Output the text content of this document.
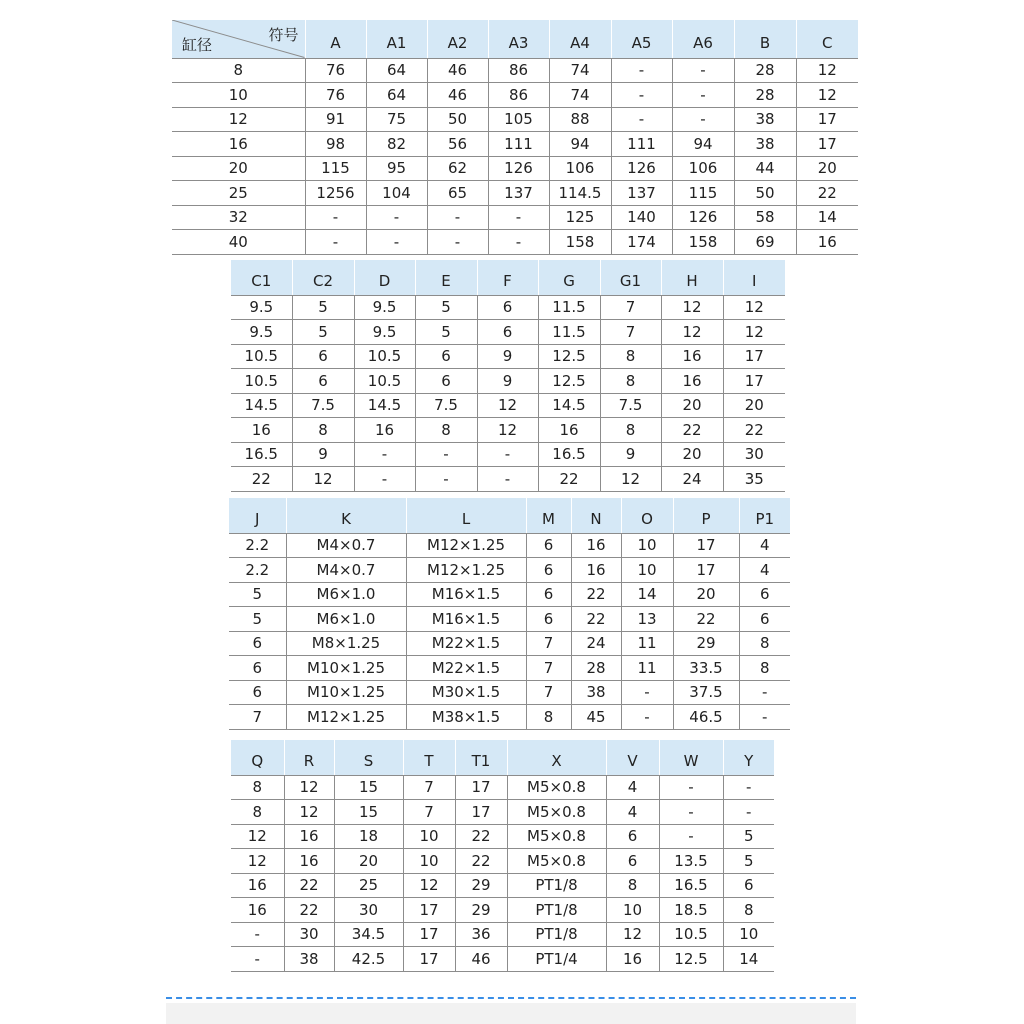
符号
缸径	A	A1	A2	A3	A4	A5	A6	B	C
8	76	64	46	86	74	-	-	28	12
10	76	64	46	86	74	-	-	28	12
12	91	75	50	105	88	-	-	38	17
16	98	82	56	111	94	111	94	38	17
20	115	95	62	126	106	126	106	44	20
25	1256	104	65	137	114.5	137	115	50	22
32	-	-	-	-	125	140	126	58	14
40	-	-	-	-	158	174	158	69	16
C1	C2	D	E	F	G	G1	H	I
9.5	5	9.5	5	6	11.5	7	12	12
9.5	5	9.5	5	6	11.5	7	12	12
10.5	6	10.5	6	9	12.5	8	16	17
10.5	6	10.5	6	9	12.5	8	16	17
14.5	7.5	14.5	7.5	12	14.5	7.5	20	20
16	8	16	8	12	16	8	22	22
16.5	9	-	-	-	16.5	9	20	30
22	12	-	-	-	22	12	24	35
J	K	L	M	N	O	P	P1
2.2	M4×0.7	M12×1.25	6	16	10	17	4
2.2	M4×0.7	M12×1.25	6	16	10	17	4
5	M6×1.0	M16×1.5	6	22	14	20	6
5	M6×1.0	M16×1.5	6	22	13	22	6
6	M8×1.25	M22×1.5	7	24	11	29	8
6	M10×1.25	M22×1.5	7	28	11	33.5	8
6	M10×1.25	M30×1.5	7	38	-	37.5	-
7	M12×1.25	M38×1.5	8	45	-	46.5	-
Q	R	S	T	T1	X	V	W	Y
8	12	15	7	17	M5×0.8	4	-	-
8	12	15	7	17	M5×0.8	4	-	-
12	16	18	10	22	M5×0.8	6	-	5
12	16	20	10	22	M5×0.8	6	13.5	5
16	22	25	12	29	PT1/8	8	16.5	6
16	22	30	17	29	PT1/8	10	18.5	8
-	30	34.5	17	36	PT1/8	12	10.5	10
-	38	42.5	17	46	PT1/4	16	12.5	14
